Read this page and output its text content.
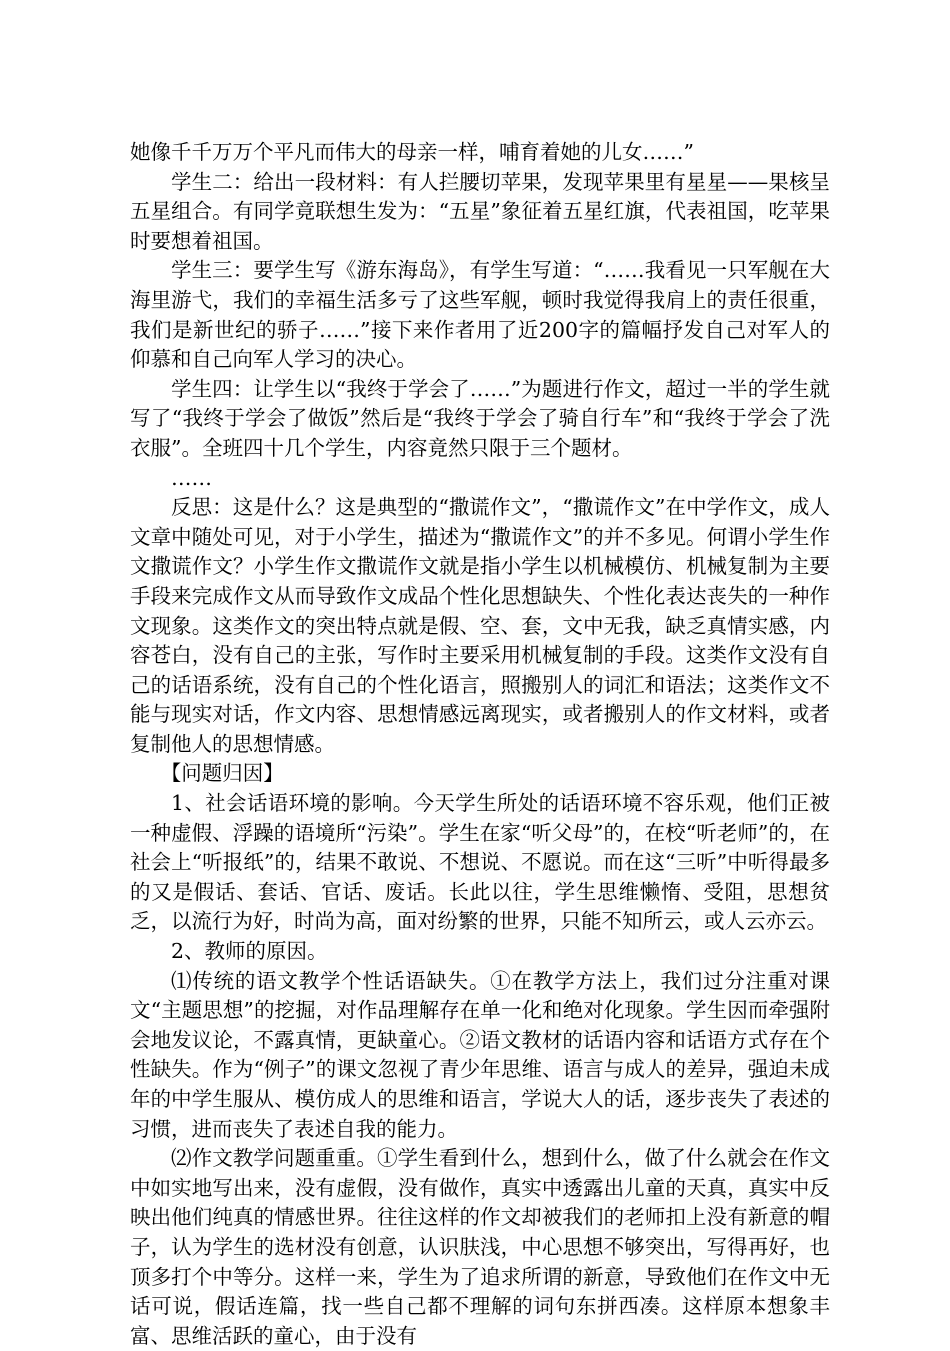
她像千千万万个平凡而伟大的母亲一样，哺育着她的儿女……”

学生二：给出一段材料：有人拦腰切苹果，发现苹果里有星星——果核呈五星组合。有同学竟联想生发为：“五星”象征着五星红旗，代表祖国，吃苹果时要想着祖国。

学生三：要学生写《游东海岛》，有学生写道：“……我看见一只军舰在大海里游弋，我们的幸福生活多亏了这些军舰，顿时我觉得我肩上的责任很重，我们是新世纪的骄子……”接下来作者用了近200字的篇幅抒发自己对军人的仰慕和自己向军人学习的决心。

学生四：让学生以“我终于学会了……”为题进行作文，超过一半的学生就写了“我终于学会了做饭”然后是“我终于学会了骑自行车”和“我终于学会了洗衣服”。全班四十几个学生，内容竟然只限于三个题材。

……

反思：这是什么？这是典型的“撒谎作文”，“撒谎作文”在中学作文，成人文章中随处可见，对于小学生，描述为“撒谎作文”的并不多见。何谓小学生作文撒谎作文？小学生作文撒谎作文就是指小学生以机械模仿、机械复制为主要手段来完成作文从而导致作文成品个性化思想缺失、个性化表达丧失的一种作文现象。这类作文的突出特点就是假、空、套，文中无我，缺乏真情实感，内容苍白，没有自己的主张，写作时主要采用机械复制的手段。这类作文没有自己的话语系统，没有自己的个性化语言，照搬别人的词汇和语法；这类作文不能与现实对话，作文内容、思想情感远离现实，或者搬别人的作文材料，或者复制他人的思想情感。

【问题归因】

1、社会话语环境的影响。今天学生所处的话语环境不容乐观，他们正被一种虚假、浮躁的语境所“污染”。学生在家“听父母”的，在校“听老师”的，在社会上“听报纸”的，结果不敢说、不想说、不愿说。而在这“三听”中听得最多的又是假话、套话、官话、废话。长此以往，学生思维懒惰、受阻，思想贫乏，以流行为好，时尚为高，面对纷繁的世界，只能不知所云，或人云亦云。

2、教师的原因。

⑴传统的语文教学个性话语缺失。①在教学方法上，我们过分注重对课文“主题思想”的挖掘，对作品理解存在单一化和绝对化现象。学生因而牵强附会地发议论，不露真情，更缺童心。②语文教材的话语内容和话语方式存在个性缺失。作为“例子”的课文忽视了青少年思维、语言与成人的差异，强迫未成年的中学生服从、模仿成人的思维和语言，学说大人的话，逐步丧失了表述的习惯，进而丧失了表述自我的能力。

⑵作文教学问题重重。①学生看到什么，想到什么，做了什么就会在作文中如实地写出来，没有虚假，没有做作，真实中透露出儿童的天真，真实中反映出他们纯真的情感世界。往往这样的作文却被我们的老师扣上没有新意的帽子，认为学生的选材没有创意，认识肤浅，中心思想不够突出，写得再好，也顶多打个中等分。这样一来，学生为了追求所谓的新意，导致他们在作文中无话可说，假话连篇，找一些自己都不理解的词句东拼西凑。这样原本想象丰富、思维活跃的童心，由于没有
